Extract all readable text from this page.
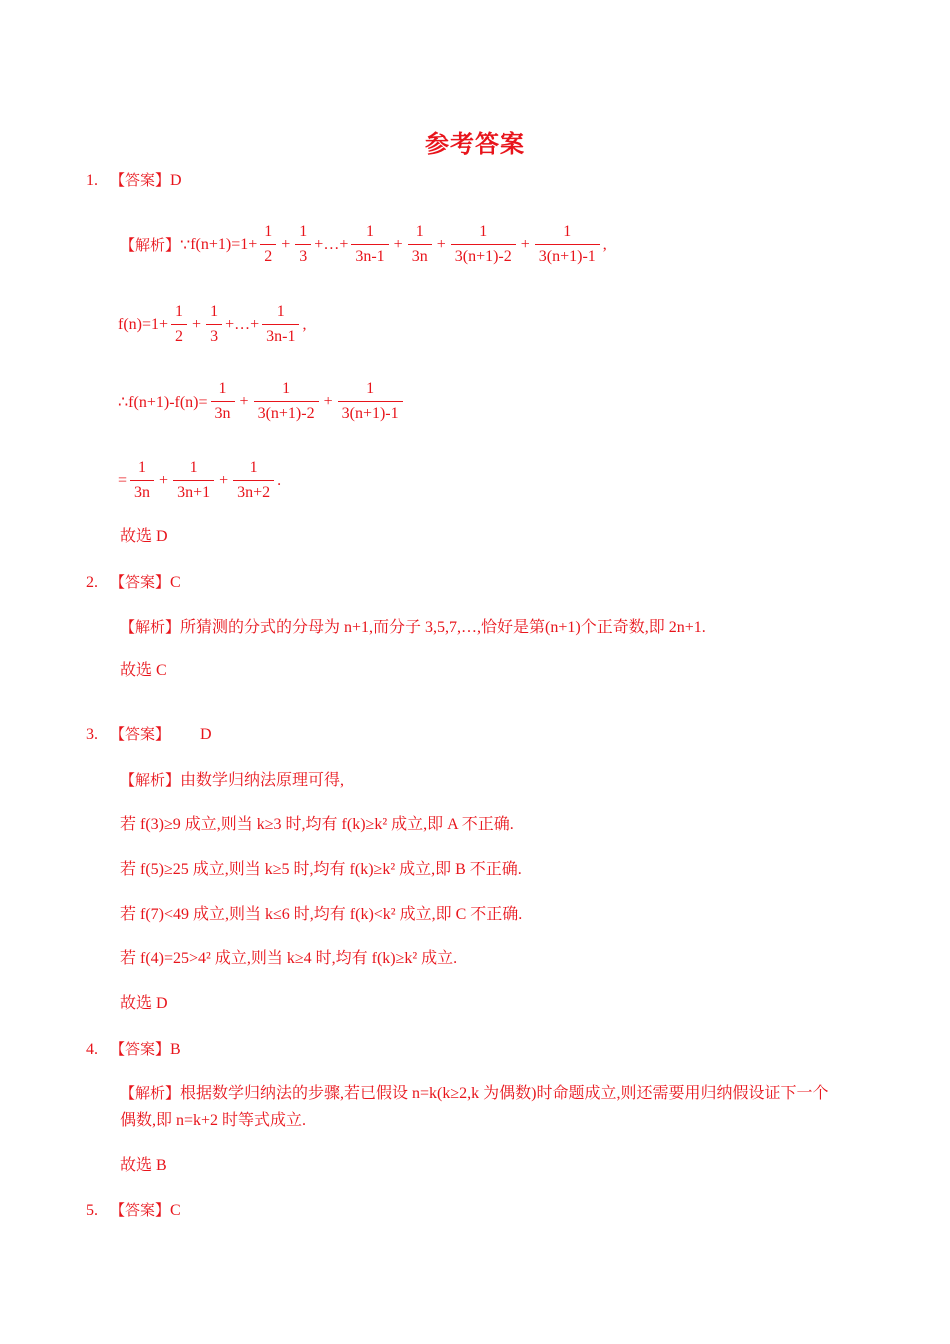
参考答案
1. 【答案】D
【解析】 ∵ $f(n+1)=1+ \frac{1}{2} + \frac{1}{3}$ +…+ $\frac{1}{3n-1} + \frac{1}{3n} + \frac{1}{3(n+1)-2} + \frac{1}{3(n+1)-1}$ ,
$f(n)=1+ \frac{1}{2} + \frac{1}{3}$ +…+ $\frac{1}{3n-1}$ ,
∴f(n+1)-f(n)= $\frac{1}{3n} + \frac{1}{3(n+1)-2} + \frac{1}{3(n+1)-1}$
= $\frac{1}{3n} + \frac{1}{3n+1} + \frac{1}{3n+2}$ .
故选 D
2. 【答案】C
【解析】所猜测的分式的分母为 n+1,而分子 3,5,7,…,恰好是第(n+1)个正奇数,即 2n+1.
故选 C
3. 【答案】 D
【解析】由数学归纳法原理可得,
若 f(3)≥9 成立,则当 k≥3 时,均有 f(k)≥k² 成立,即 A 不正确.
若 f(5)≥25 成立,则当 k≥5 时,均有 f(k)≥k² 成立,即 B 不正确.
若 f(7)<49 成立,则当 k≤6 时,均有 f(k)<k² 成立,即 C 不正确.
若 f(4)=25>4² 成立,则当 k≥4 时,均有 f(k)≥k² 成立.
故选 D
4. 【答案】B
【解析】根据数学归纳法的步骤,若已假设 n=k(k≥2,k 为偶数)时命题成立,则还需要用归纳假设证下一个
偶数,即 n=k+2 时等式成立.
故选 B
5. 【答案】C
